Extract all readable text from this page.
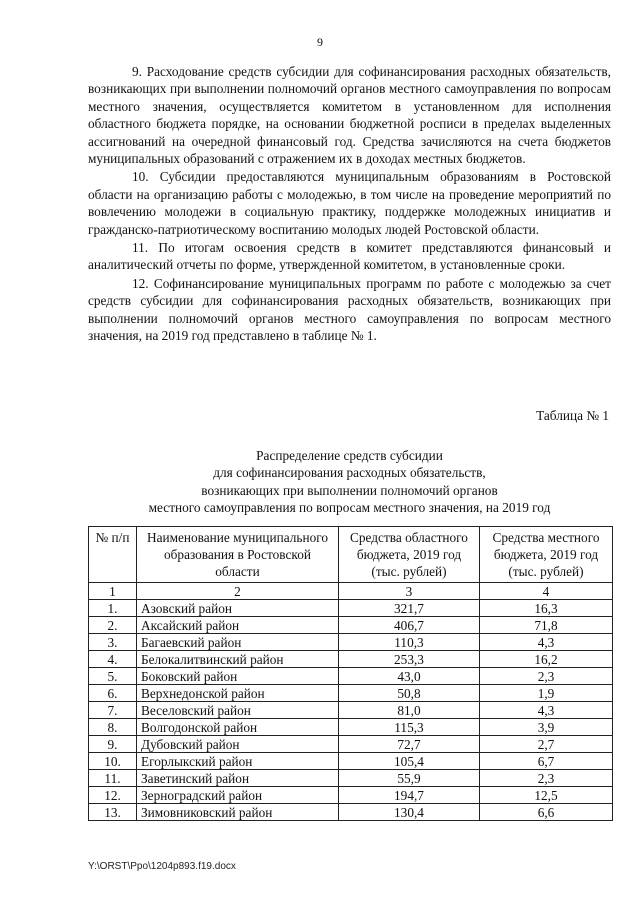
9

9. Расходование средств субсидии для софинансирования расходных обязательств, возникающих при выполнении полномочий органов местного самоуправления по вопросам местного значения, осуществляется комитетом в установленном для исполнения областного бюджета порядке, на основании бюджетной росписи в пределах выделенных ассигнований на очередной финансовый год. Средства зачисляются на счета бюджетов муниципальных образований с отражением их в доходах местных бюджетов.

10. Субсидии предоставляются муниципальным образованиям в Ростовской области на организацию работы с молодежью, в том числе на проведение мероприятий по вовлечению молодежи в социальную практику, поддержке молодежных инициатив и гражданско-патриотическому воспитанию молодых людей Ростовской области.

11. По итогам освоения средств в комитет представляются финансовый и аналитический отчеты по форме, утвержденной комитетом, в установленные сроки.

12. Софинансирование муниципальных программ по работе с молодежью за счет средств субсидии для софинансирования расходных обязательств, возникающих при выполнении полномочий органов местного самоуправления по вопросам местного значения, на 2019 год представлено в таблице № 1.

Таблица № 1
Распределение средств субсидии
для софинансирования расходных обязательств,
возникающих при выполнении полномочий органов
местного самоуправления по вопросам местного значения, на 2019 год
№ п/п	Наименование муниципального образования в Ростовской области	Средства областного бюджета, 2019 год (тыс. рублей)	Средства местного бюджета, 2019 год (тыс. рублей)
1	2	3	4
1.	Азовский район	321,7	16,3
2.	Аксайский район	406,7	71,8
3.	Багаевский район	110,3	4,3
4.	Белокалитвинский район	253,3	16,2
5.	Боковский район	43,0	2,3
6.	Верхнедонской район	50,8	1,9
7.	Веселовский район	81,0	4,3
8.	Волгодонской район	115,3	3,9
9.	Дубовский район	72,7	2,7
10.	Егорлыкский район	105,4	6,7
11.	Заветинский район	55,9	2,3
12.	Зерноградский район	194,7	12,5
13.	Зимовниковский район	130,4	6,6
Y:\ORST\Ppo\1204p893.f19.docx
